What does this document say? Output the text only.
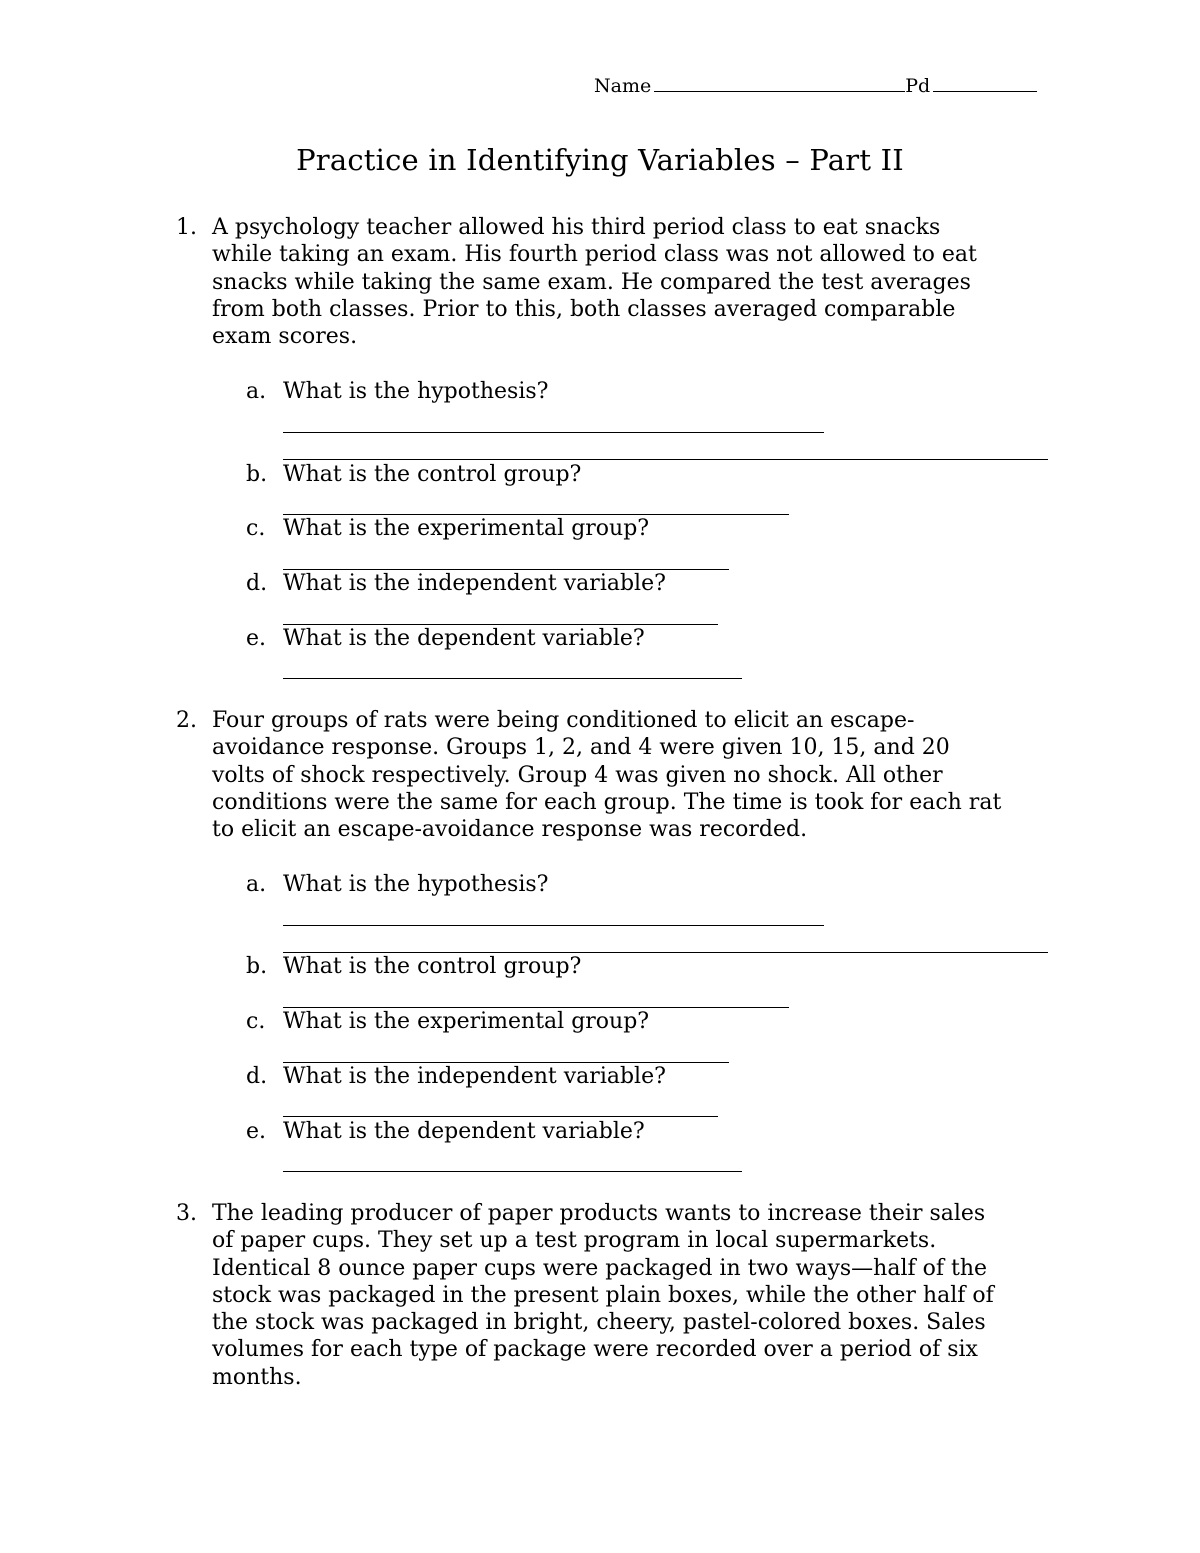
Name	Pd
Practice in Identifying Variables – Part II
1. A psychology teacher allowed his third period class to eat snacks
while taking an exam. His fourth period class was not allowed to eat
snacks while taking the same exam. He compared the test averages
from both classes. Prior to this, both classes averaged comparable
exam scores.
a. What is the hypothesis?
b. What is the control group?
c. What is the experimental group?
d. What is the independent variable?
e. What is the dependent variable?
2. Four groups of rats were being conditioned to elicit an escape-
avoidance response. Groups 1, 2, and 4 were given 10, 15, and 20
volts of shock respectively. Group 4 was given no shock. All other
conditions were the same for each group. The time is took for each rat
to elicit an escape-avoidance response was recorded.
a. What is the hypothesis?
b. What is the control group?
c. What is the experimental group?
d. What is the independent variable?
e. What is the dependent variable?
3. The leading producer of paper products wants to increase their sales
of paper cups. They set up a test program in local supermarkets.
Identical 8 ounce paper cups were packaged in two ways—half of the
stock was packaged in the present plain boxes, while the other half of
the stock was packaged in bright, cheery, pastel-colored boxes. Sales
volumes for each type of package were recorded over a period of six
months.
